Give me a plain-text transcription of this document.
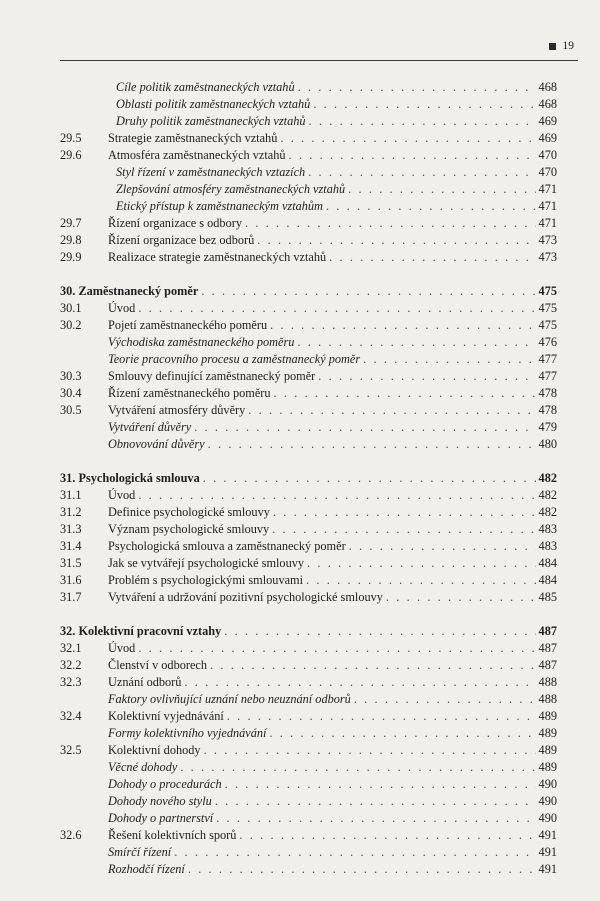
19
Cíle politik zaměstnaneckých vztahů . . .	468
Oblasti politik zaměstnaneckých vztahů . . .	468
Druhy politik zaměstnaneckých vztahů . . .	469
29.5 Strategie zaměstnaneckých vztahů . . .	469
29.6 Atmosféra zaměstnaneckých vztahů . . .	470
Styl řízení v zaměstnaneckých vztazích . . .	470
Zlepšování atmosféry zaměstnaneckých vztahů . . .	471
Etický přístup k zaměstnaneckým vztahům . . .	471
29.7 Řízení organizace s odbory . . .	471
29.8 Řízení organizace bez odborů . . .	473
29.9 Realizace strategie zaměstnaneckých vztahů . . .	473
30. Zaměstnanecký poměr . . .	475
30.1 Úvod . . .	475
30.2 Pojetí zaměstnaneckého poměru . . .	475
Východiska zaměstnaneckého poměru . . .	476
Teorie pracovního procesu a zaměstnanecký poměr . . .	477
30.3 Smlouvy definující zaměstnanecký poměr . . .	477
30.4 Řízení zaměstnaneckého poměru . . .	478
30.5 Vytváření atmosféry důvěry . . .	478
Vytváření důvěry . . .	479
Obnovování důvěry . . .	480
31. Psychologická smlouva . . .	482
31.1 Úvod . . .	482
31.2 Definice psychologické smlouvy . . .	482
31.3 Význam psychologické smlouvy . . .	483
31.4 Psychologická smlouva a zaměstnanecký poměr . . .	483
31.5 Jak se vytvářejí psychologické smlouvy . . .	484
31.6 Problém s psychologickými smlouvami . . .	484
31.7 Vytváření a udržování pozitivní psychologické smlouvy . . .	485
32. Kolektivní pracovní vztahy . . .	487
32.1 Úvod . . .	487
32.2 Členství v odborech . . .	487
32.3 Uznání odborů . . .	488
Faktory ovlivňující uznání nebo neuznání odborů . . .	488
32.4 Kolektivní vyjednávání . . .	489
Formy kolektivního vyjednávání . . .	489
32.5 Kolektivní dohody . . .	489
Věcné dohody . . .	489
Dohody o procedurách . . .	490
Dohody nového stylu . . .	490
Dohody o partnerství . . .	490
32.6 Řešení kolektivních sporů . . .	491
Smírčí řízení . . .	491
Rozhodčí řízení . . .	491
